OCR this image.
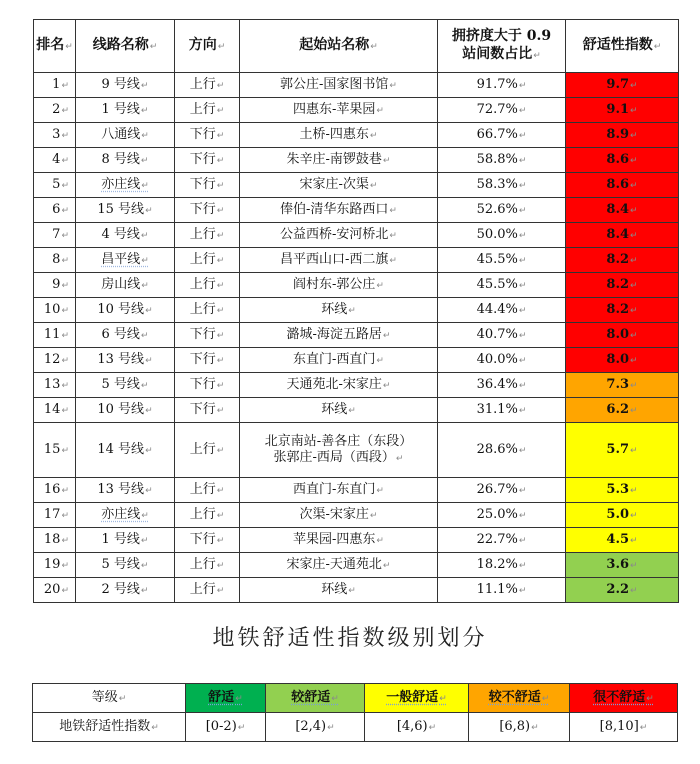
排名 ↵	线路名称 ↵	方向 ↵	起始站名称 ↵	拥挤度大于 0.9
站间数占比 ↵	舒适性指数 ↵
1 ↵	9 号线 ↵	上行 ↵	郭公庄-国家图书馆 ↵	91.7% ↵	9.7 ↵
2 ↵	1 号线 ↵	上行 ↵	四惠东-苹果园 ↵	72.7% ↵	9.1 ↵
3 ↵	八通线 ↵	下行 ↵	土桥-四惠东 ↵	66.7% ↵	8.9 ↵
4 ↵	8 号线 ↵	下行 ↵	朱辛庄-南锣鼓巷 ↵	58.8% ↵	8.6 ↵
5 ↵	亦庄线 ↵	下行 ↵	宋家庄-次渠 ↵	58.3% ↵	8.6 ↵
6 ↵	15 号线 ↵	下行 ↵	俸伯-清华东路西口 ↵	52.6% ↵	8.4 ↵
7 ↵	4 号线 ↵	上行 ↵	公益西桥-安河桥北 ↵	50.0% ↵	8.4 ↵
8 ↵	昌平线 ↵	上行 ↵	昌平西山口-西二旗 ↵	45.5% ↵	8.2 ↵
9 ↵	房山线 ↵	上行 ↵	阎村东-郭公庄 ↵	45.5% ↵	8.2 ↵
10 ↵	10 号线 ↵	上行 ↵	环线 ↵	44.4% ↵	8.2 ↵
11 ↵	6 号线 ↵	下行 ↵	潞城-海淀五路居 ↵	40.7% ↵	8.0 ↵
12 ↵	13 号线 ↵	下行 ↵	东直门-西直门 ↵	40.0% ↵	8.0 ↵
13 ↵	5 号线 ↵	下行 ↵	天通苑北-宋家庄 ↵	36.4% ↵	7.3 ↵
14 ↵	10 号线 ↵	下行 ↵	环线 ↵	31.1% ↵	6.2 ↵
15 ↵	14 号线 ↵	上行 ↵	北京南站-善各庄（东段）
张郭庄-西局（西段） ↵	28.6% ↵	5.7 ↵
16 ↵	13 号线 ↵	上行 ↵	西直门-东直门 ↵	26.7% ↵	5.3 ↵
17 ↵	亦庄线 ↵	上行 ↵	次渠-宋家庄 ↵	25.0% ↵	5.0 ↵
18 ↵	1 号线 ↵	下行 ↵	苹果园-四惠东 ↵	22.7% ↵	4.5 ↵
19 ↵	5 号线 ↵	上行 ↵	宋家庄-天通苑北 ↵	18.2% ↵	3.6 ↵
20 ↵	2 号线 ↵	上行 ↵	环线 ↵	11.1% ↵	2.2 ↵
地铁舒适性指数级别划分
等级 ↵	舒适 ↵	较舒适 ↵	一般舒适 ↵	较不舒适 ↵	很不舒适 ↵
地铁舒适性指数 ↵	[0-2) ↵	[2,4) ↵	[4,6) ↵	[6,8) ↵	[8,10] ↵
